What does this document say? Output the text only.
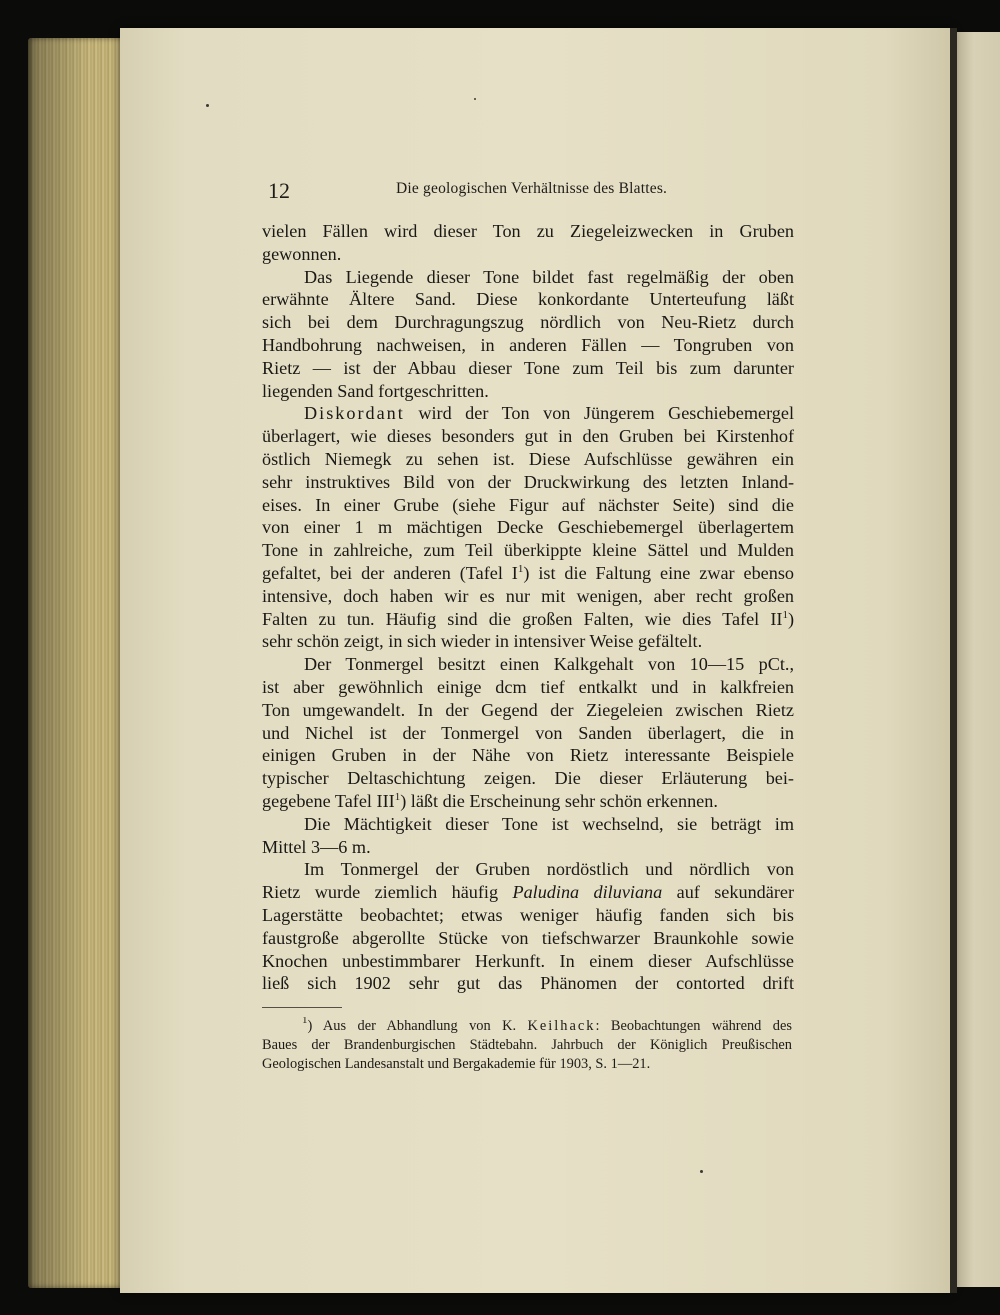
12	Die geologischen Verhältnisse des Blattes.
vielen Fällen wird dieser Ton zu Ziegeleizwecken in Gruben
gewonnen.
Das Liegende dieser Tone bildet fast regelmäßig der oben
erwähnte Ältere Sand. Diese konkordante Unterteufung läßt
sich bei dem Durchragungszug nördlich von Neu-Rietz durch
Handbohrung nachweisen, in anderen Fällen — Tongruben von
Rietz — ist der Abbau dieser Tone zum Teil bis zum darunter
liegenden Sand fortgeschritten.
Diskordant wird der Ton von Jüngerem Geschiebemergel
überlagert, wie dieses besonders gut in den Gruben bei Kirstenhof
östlich Niemegk zu sehen ist. Diese Aufschlüsse gewähren ein
sehr instruktives Bild von der Druckwirkung des letzten Inland-
eises. In einer Grube (siehe Figur auf nächster Seite) sind die
von einer 1 m mächtigen Decke Geschiebemergel überlagertem
Tone in zahlreiche, zum Teil überkippte kleine Sättel und Mulden
gefaltet, bei der anderen (Tafel $I^1$) ist die Faltung eine zwar ebenso
intensive, doch haben wir es nur mit wenigen, aber recht großen
Falten zu tun. Häufig sind die großen Falten, wie dies Tafel $II^1$)
sehr schön zeigt, in sich wieder in intensiver Weise gefältelt.
Der Tonmergel besitzt einen Kalkgehalt von 10—15 pCt.,
ist aber gewöhnlich einige dcm tief entkalkt und in kalkfreien
Ton umgewandelt. In der Gegend der Ziegeleien zwischen Rietz
und Nichel ist der Tonmergel von Sanden überlagert, die in
einigen Gruben in der Nähe von Rietz interessante Beispiele
typischer Deltaschichtung zeigen. Die dieser Erläuterung bei-
gegebene Tafel III$^1$) läßt die Erscheinung sehr schön erkennen.
Die Mächtigkeit dieser Tone ist wechselnd, sie beträgt im
Mittel 3—6 m.
Im Tonmergel der Gruben nordöstlich und nördlich von
Rietz wurde ziemlich häufig Paludina diluviana auf sekundärer
Lagerstätte beobachtet; etwas weniger häufig fanden sich bis
faustgroße abgerollte Stücke von tiefschwarzer Braunkohle sowie
Knochen unbestimmbarer Herkunft. In einem dieser Aufschlüsse
ließ sich 1902 sehr gut das Phänomen der contorted drift
$^1$) Aus der Abhandlung von K. Keilhack: Beobachtungen während des
Baues der Brandenburgischen Städtebahn. Jahrbuch der Königlich Preußischen
Geologischen Landesanstalt und Bergakademie für 1903, S. 1—21.
